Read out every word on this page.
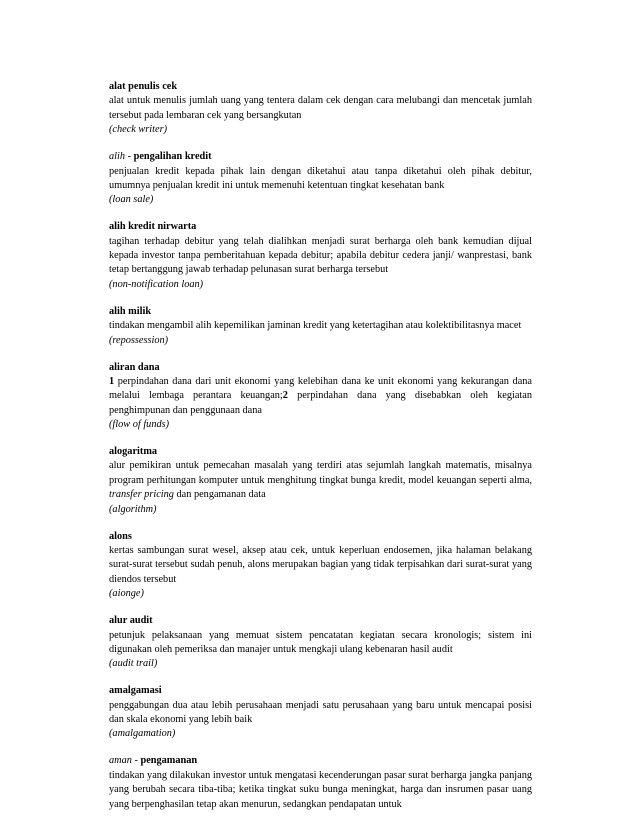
alat penulis cek
alat untuk menulis jumlah uang yang tentera dalam cek dengan cara melubangi dan mencetak jumlah tersebut pada lembaran cek yang bersangkutan
(check writer)
alih - pengalihan kredit
penjualan kredit kepada pihak lain dengan diketahui atau tanpa diketahui oleh pihak debitur, umumnya penjualan kredit ini untuk memenuhi ketentuan tingkat kesehatan bank
(loan sale)
alih kredit nirwarta
tagihan terhadap debitur yang telah dialihkan menjadi surat berharga oleh bank kemudian dijual kepada investor tanpa pemberitahuan kepada debitur; apabila debitur cedera janji/ wanprestasi, bank tetap bertanggung jawab terhadap pelunasan surat berharga tersebut
(non-notification loan)
alih milik
tindakan mengambil alih kepemilikan jaminan kredit yang ketertagihan atau kolektibilitasnya macet
(repossession)
aliran dana
1 perpindahan dana dari unit ekonomi yang kelebihan dana ke unit ekonomi yang kekurangan dana melalui lembaga perantara keuangan;2 perpindahan dana yang disebabkan oleh kegiatan penghimpunan dan penggunaan dana
(flow of funds)
alogaritma
alur pemikiran untuk pemecahan masalah yang terdiri atas sejumlah langkah matematis, misalnya program perhitungan komputer untuk menghitung tingkat bunga kredit, model keuangan seperti alma, transfer pricing dan pengamanan data
(algorithm)
alons
kertas sambungan surat wesel, aksep atau cek, untuk keperluan endosemen, jika halaman belakang surat-surat tersebut sudah penuh, alons merupakan bagian yang tidak terpisahkan dari surat-surat yang diendos tersebut
(aionge)
alur audit
petunjuk pelaksanaan yang memuat sistem pencatatan kegiatan secara kronologis; sistem ini digunakan oleh pemeriksa dan manajer untuk mengkaji ulang kebenaran hasil audit
(audit trail)
amalgamasi
penggabungan dua atau lebih perusahaan menjadi satu perusahaan yang baru untuk mencapai posisi dan skala ekonomi yang lebih baik
(amalgamation)
aman - pengamanan
tindakan yang dilakukan investor untuk mengatasi kecenderungan pasar surat berharga jangka panjang yang berubah secara tiba-tiba; ketika tingkat suku bunga meningkat, harga dan insrumen pasar uang yang berpenghasilan tetap akan menurun, sedangkan pendapatan untuk
